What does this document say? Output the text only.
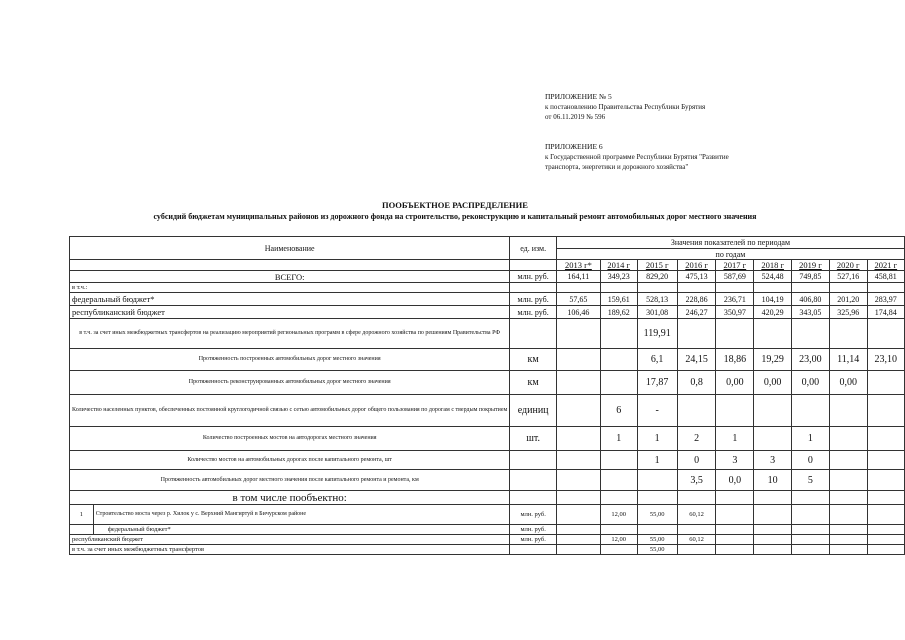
ПРИЛОЖЕНИЕ № 5
к постановлению Правительства Республики Бурятия
от 06.11.2019 № 596
ПРИЛОЖЕНИЕ 6
к Государственной программе Республики Бурятия "Развитие
транспорта, энергетики и дорожного хозяйства"
ПООБЪЕКТНОЕ РАСПРЕДЕЛЕНИЕ
субсидий бюджетам муниципальных районов из дорожного фонда на строительство, реконструкцию и капитальный ремонт автомобильных дорог местного значения
Наименование		ед. изм.	Значения показателей по периодам								
			по годам								
			2013 г*	2014 г	2015 г	2016 г	2017 г	2018 г	2019 г	2020 г	2021 г
ВСЕГО:		млн. руб.	164,11	349,23	829,20	475,13	587,69	524,48	749,85	527,16	458,81
в т.ч.:											
федеральный бюджет*		млн. руб.	57,65	159,61	528,13	228,86	236,71	104,19	406,80	201,20	283,97
республиканский бюджет		млн. руб.	106,46	189,62	301,08	246,27	350,97	420,29	343,05	325,96	174,84
в т.ч. за счет иных межбюджетных трансфертов на реализацию мероприятий региональных программ в сфере дорожного хозяйства по решениям Правительства РФ					119,91						
Протяженность построенных автомобильных дорог местного значения		км			6,1	24,15	18,86	19,29	23,00	11,14	23,10
Протяженность реконструированных автомобильных дорог местного значения		км			17,87	0,8	0,00	0,00	0,00	0,00	
Количество населенных пунктов, обеспеченных постоянной круглогодичной связью с сетью автомобильных дорог общего пользования по дорогам с твердым покрытием		единиц		6	-						
Количество построенных мостов на автодорогах местного значения		шт.		1	1	2	1		1		
Количество мостов на автомобильных дорогах после капитального ремонта, шт					1	0	3	3	0		
Протяженность автомобильных дорог местного значения после капитального ремонта и ремонта, км						3,5	0,0	10	5		
в том числе пообъектно:											
1	Строительство моста через р. Хилок у с. Верхний Мангиртуй в Бичурском районе	млн. руб.		12,00	55,00	60,12					
	федеральный бюджет*	млн. руб.									
республиканский бюджет		млн. руб.		12,00	55,00	60,12					
в т.ч. за счет иных межбюджетных трансфертов					55,00						
